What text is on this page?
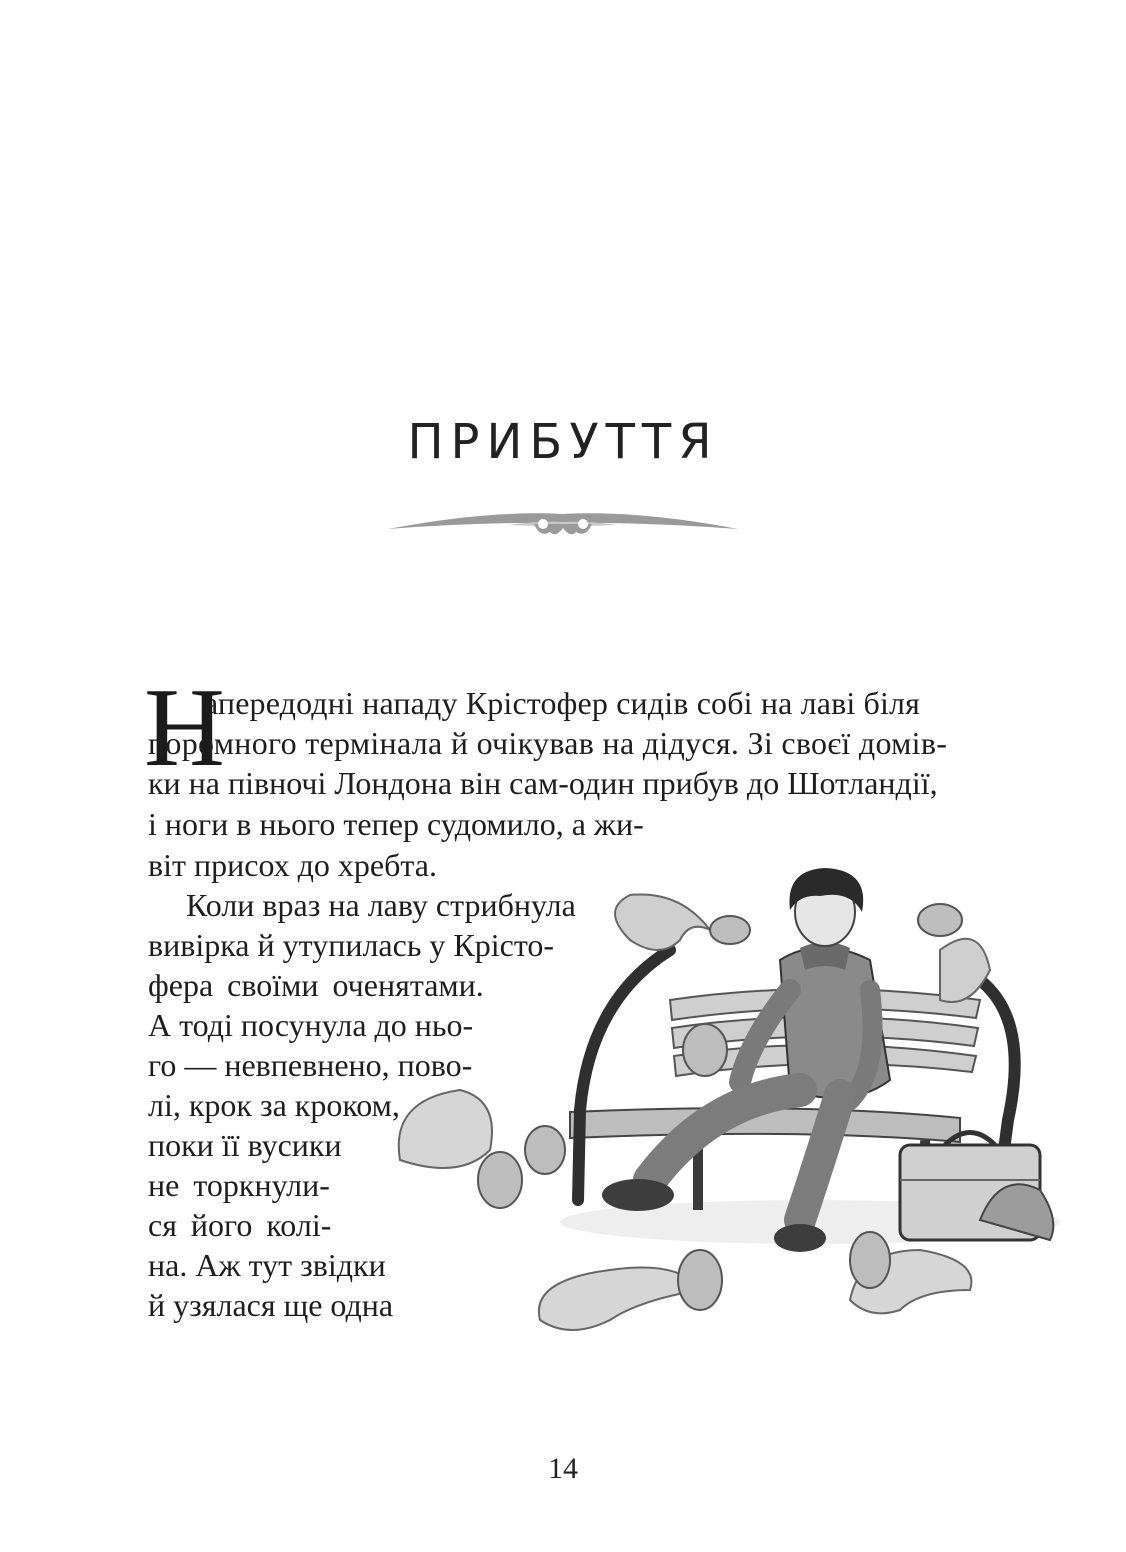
ПРИБУТТЯ
Н
апередодні нападу Крістофер сидів собі на лаві біля
поромного термінала й очікував на дідуся. Зі своєї домів-
ки на півночі Лондона він сам-один прибув до Шотландії,
і ноги в нього тепер судомило, а жи-
віт присох до хребта.
Коли враз на лаву стрибнула
вивірка й утупилась у Крісто-
фера своїми оченятами.
А тоді посунула до ньо-
го — невпевнено, пово-
лі, крок за кроком,
поки її вусики
не торкнули-
ся його колі-
на. Аж тут звідки
й узялася ще одна
14
